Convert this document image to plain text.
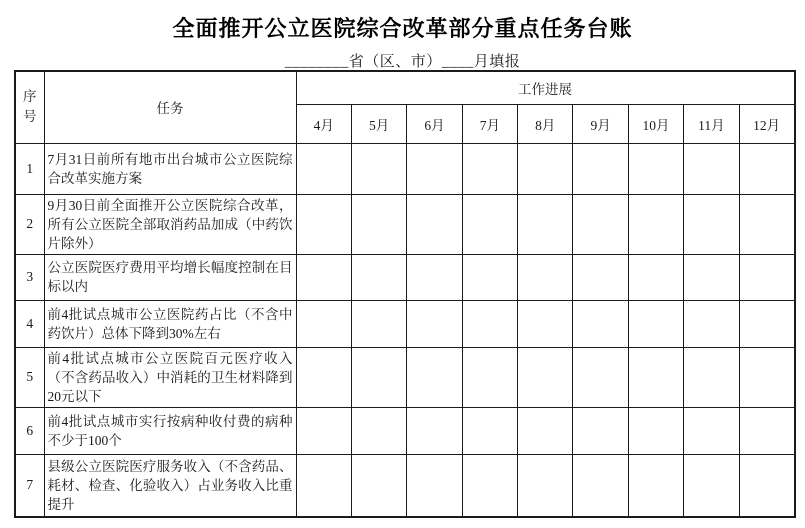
全面推开公立医院综合改革部分重点任务台账

________省（区、市）____月填报

序号	任务	工作进展								
		4月	5月	6月	7月	8月	9月	10月	11月	12月
1	7月31日前所有地市出台城市公立医院综合改革实施方案									
2	9月30日前全面推开公立医院综合改革，所有公立医院全部取消药品加成（中药饮片除外）									
3	公立医院医疗费用平均增长幅度控制在目标以内									
4	前4批试点城市公立医院药占比（不含中药饮片）总体下降到30%左右									
5	前4批试点城市公立医院百元医疗收入（不含药品收入）中消耗的卫生材料降到20元以下									
6	前4批试点城市实行按病种收付费的病种不少于100个									
7	县级公立医院医疗服务收入（不含药品、耗材、检查、化验收入）占业务收入比重提升									
